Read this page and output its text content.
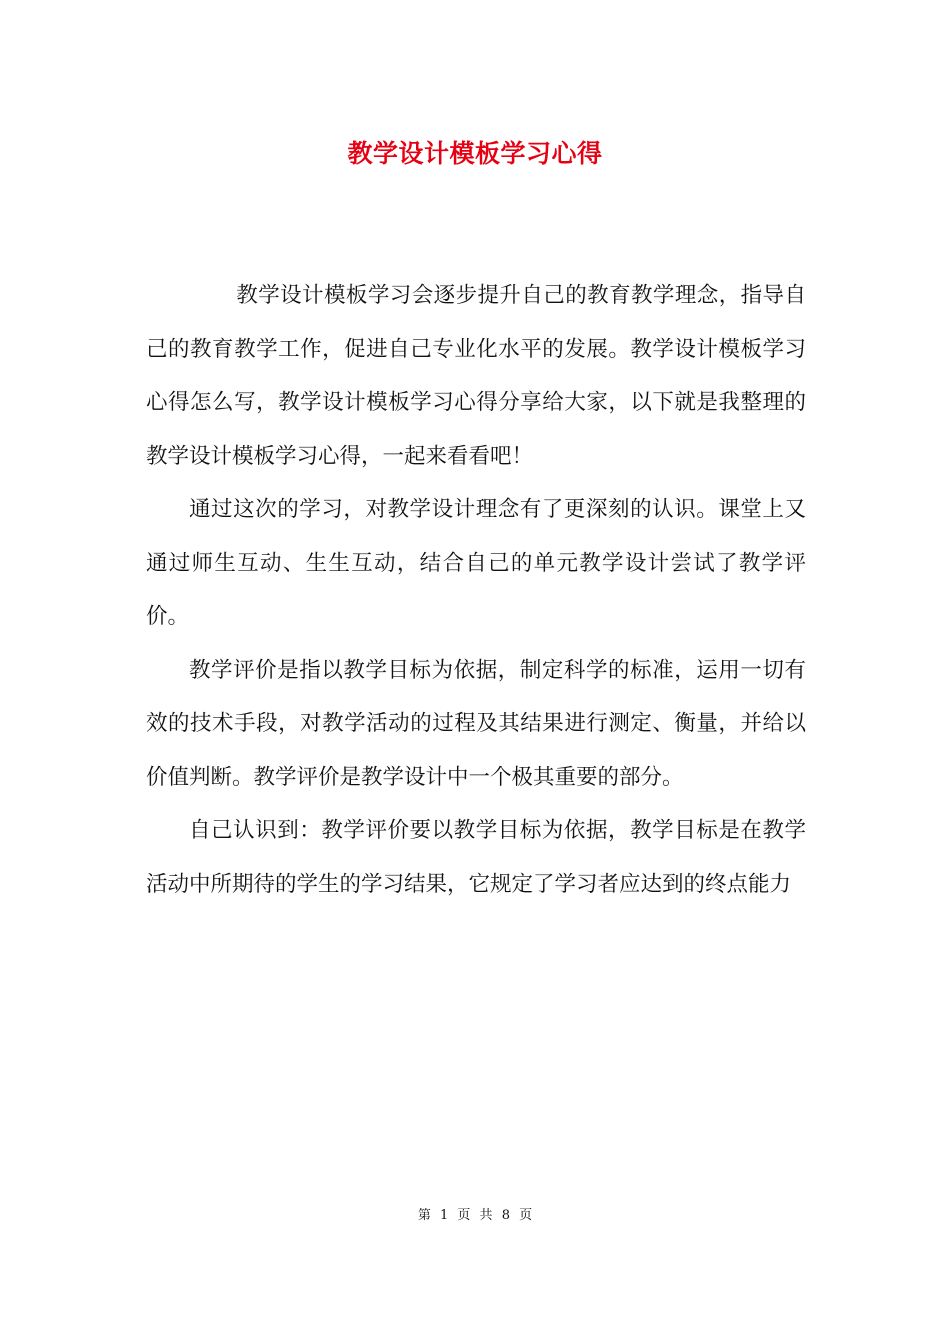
教学设计模板学习心得

教学设计模板学习会逐步提升自己的教育教学理念，指导自己的教育教学工作，促进自己专业化水平的发展。教学设计模板学习心得怎么写，教学设计模板学习心得分享给大家，以下就是我整理的教学设计模板学习心得，一起来看看吧！

通过这次的学习，对教学设计理念有了更深刻的认识。课堂上又通过师生互动、生生互动，结合自己的单元教学设计尝试了教学评价。

教学评价是指以教学目标为依据，制定科学的标准，运用一切有效的技术手段，对教学活动的过程及其结果进行测定、衡量，并给以价值判断。教学评价是教学设计中一个极其重要的部分。

自己认识到：教学评价要以教学目标为依据，教学目标是在教学活动中所期待的学生的学习结果，它规定了学习者应达到的终点能力

第 1 页 共 8 页
